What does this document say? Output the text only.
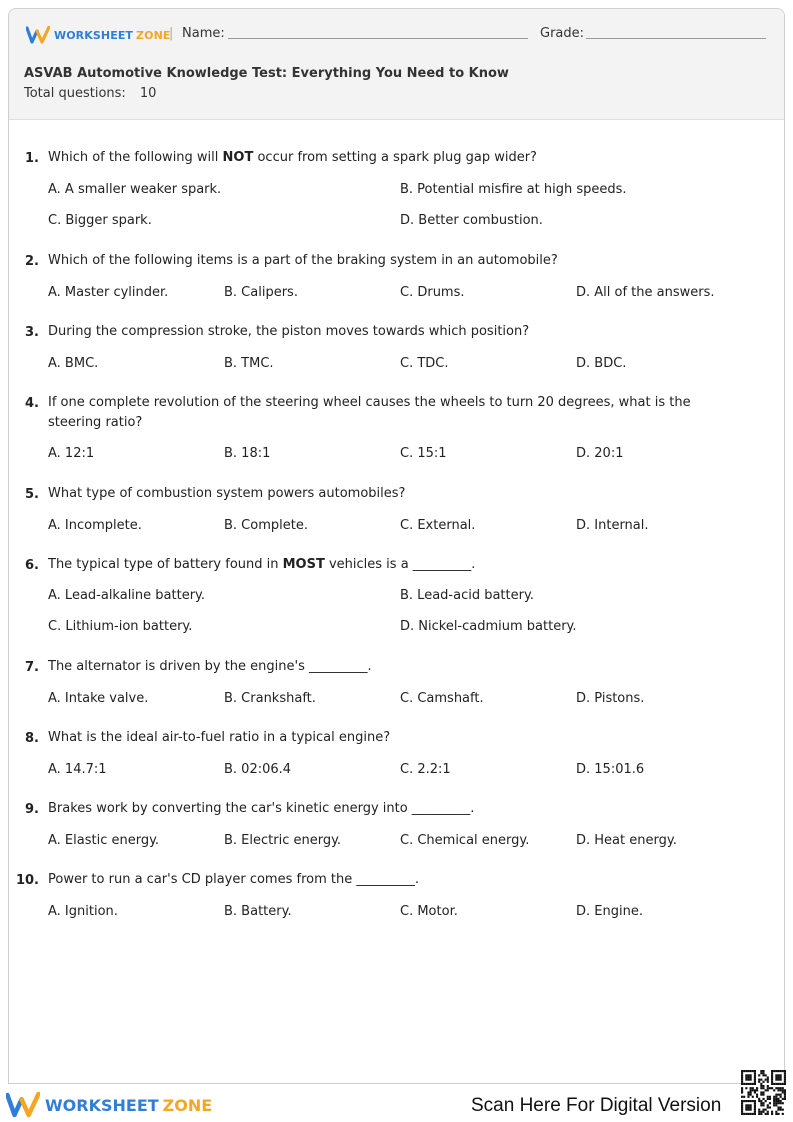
WORKSHEET ZONE
| Name:	Grade:
ASVAB Automotive Knowledge Test: Everything You Need to Know
Total questions: 10
1. Which of the following will NOT occur from setting a spark plug gap wider?
A. A smaller weaker spark.	B. Potential misfire at high speeds.
C. Bigger spark.	D. Better combustion.
2. Which of the following items is a part of the braking system in an automobile?
A. Master cylinder.	B. Calipers.	C. Drums.	D. All of the answers.
3. During the compression stroke, the piston moves towards which position?
A. BMC.	B. TMC.	C. TDC.	D. BDC.
4. If one complete revolution of the steering wheel causes the wheels to turn 20 degrees, what is the steering ratio?
A. 12:1	B. 18:1	C. 15:1	D. 20:1
5. What type of combustion system powers automobiles?
A. Incomplete.	B. Complete.	C. External.	D. Internal.
6. The typical type of battery found in MOST vehicles is a _________.
A. Lead-alkaline battery.	B. Lead-acid battery.
C. Lithium-ion battery.	D. Nickel-cadmium battery.
7. The alternator is driven by the engine's _________.
A. Intake valve.	B. Crankshaft.	C. Camshaft.	D. Pistons.
8. What is the ideal air-to-fuel ratio in a typical engine?
A. 14.7:1	B. 02:06.4	C. 2.2:1	D. 15:01.6
9. Brakes work by converting the car's kinetic energy into _________.
A. Elastic energy.	B. Electric energy.	C. Chemical energy.	D. Heat energy.
10. Power to run a car's CD player comes from the _________.
A. Ignition.	B. Battery.	C. Motor.	D. Engine.
WORKSHEET ZONE	Scan Here For Digital Version
